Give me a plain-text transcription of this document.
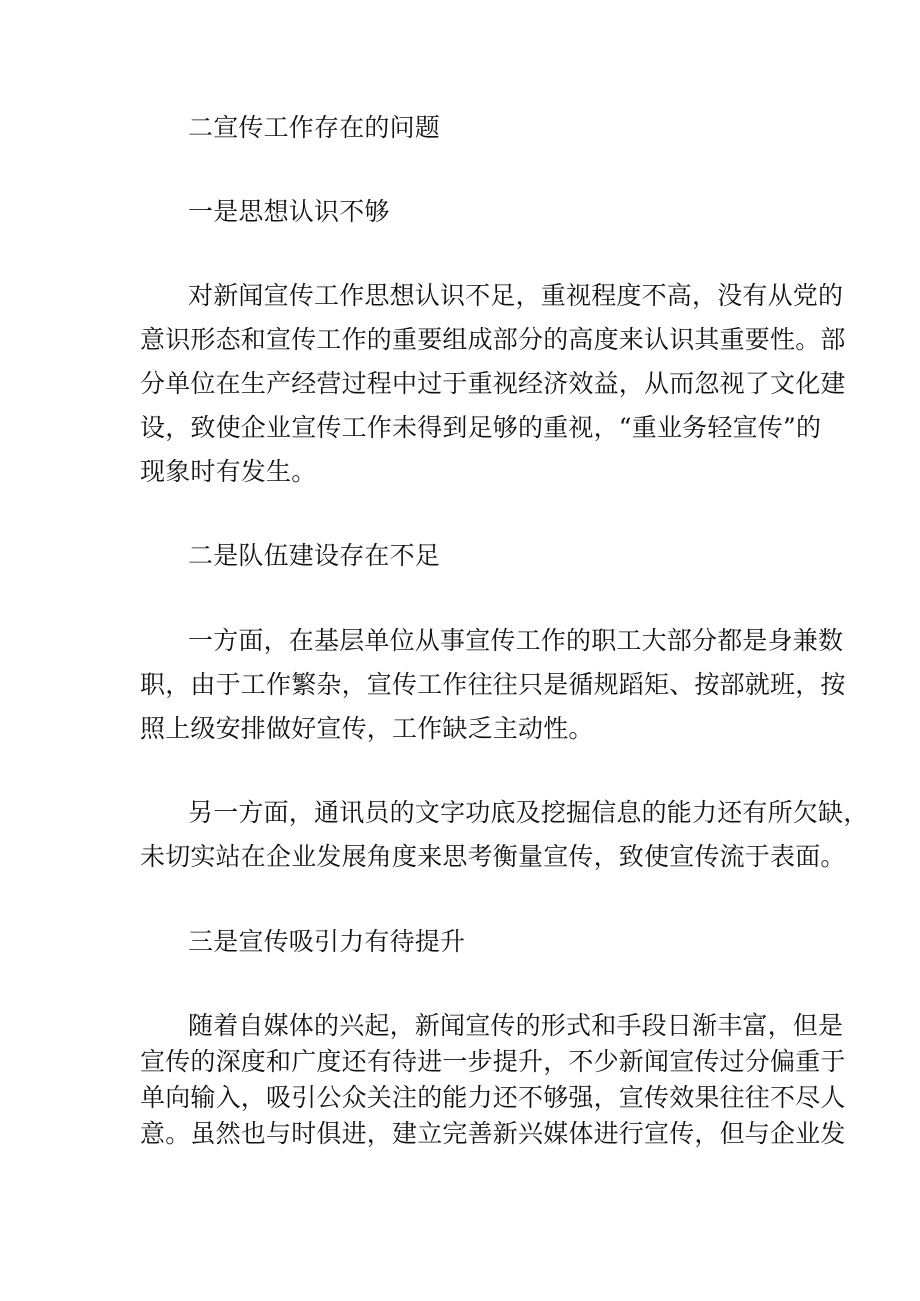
二宣传工作存在的问题
一是思想认识不够
对新闻宣传工作思想认识不足，重视程度不高，没有从党的
意识形态和宣传工作的重要组成部分的高度来认识其重要性。部
分单位在生产经营过程中过于重视经济效益，从而忽视了文化建
设，致使企业宣传工作未得到足够的重视，“重业务轻宣传”的
现象时有发生。
二是队伍建设存在不足
一方面，在基层单位从事宣传工作的职工大部分都是身兼数
职，由于工作繁杂，宣传工作往往只是循规蹈矩、按部就班，按
照上级安排做好宣传，工作缺乏主动性。
另一方面，通讯员的文字功底及挖掘信息的能力还有所欠缺，
未切实站在企业发展角度来思考衡量宣传，致使宣传流于表面。
三是宣传吸引力有待提升
随着自媒体的兴起，新闻宣传的形式和手段日渐丰富，但是
宣传的深度和广度还有待进一步提升，不少新闻宣传过分偏重于
单向输入，吸引公众关注的能力还不够强，宣传效果往往不尽人
意。虽然也与时俱进，建立完善新兴媒体进行宣传，但与企业发
